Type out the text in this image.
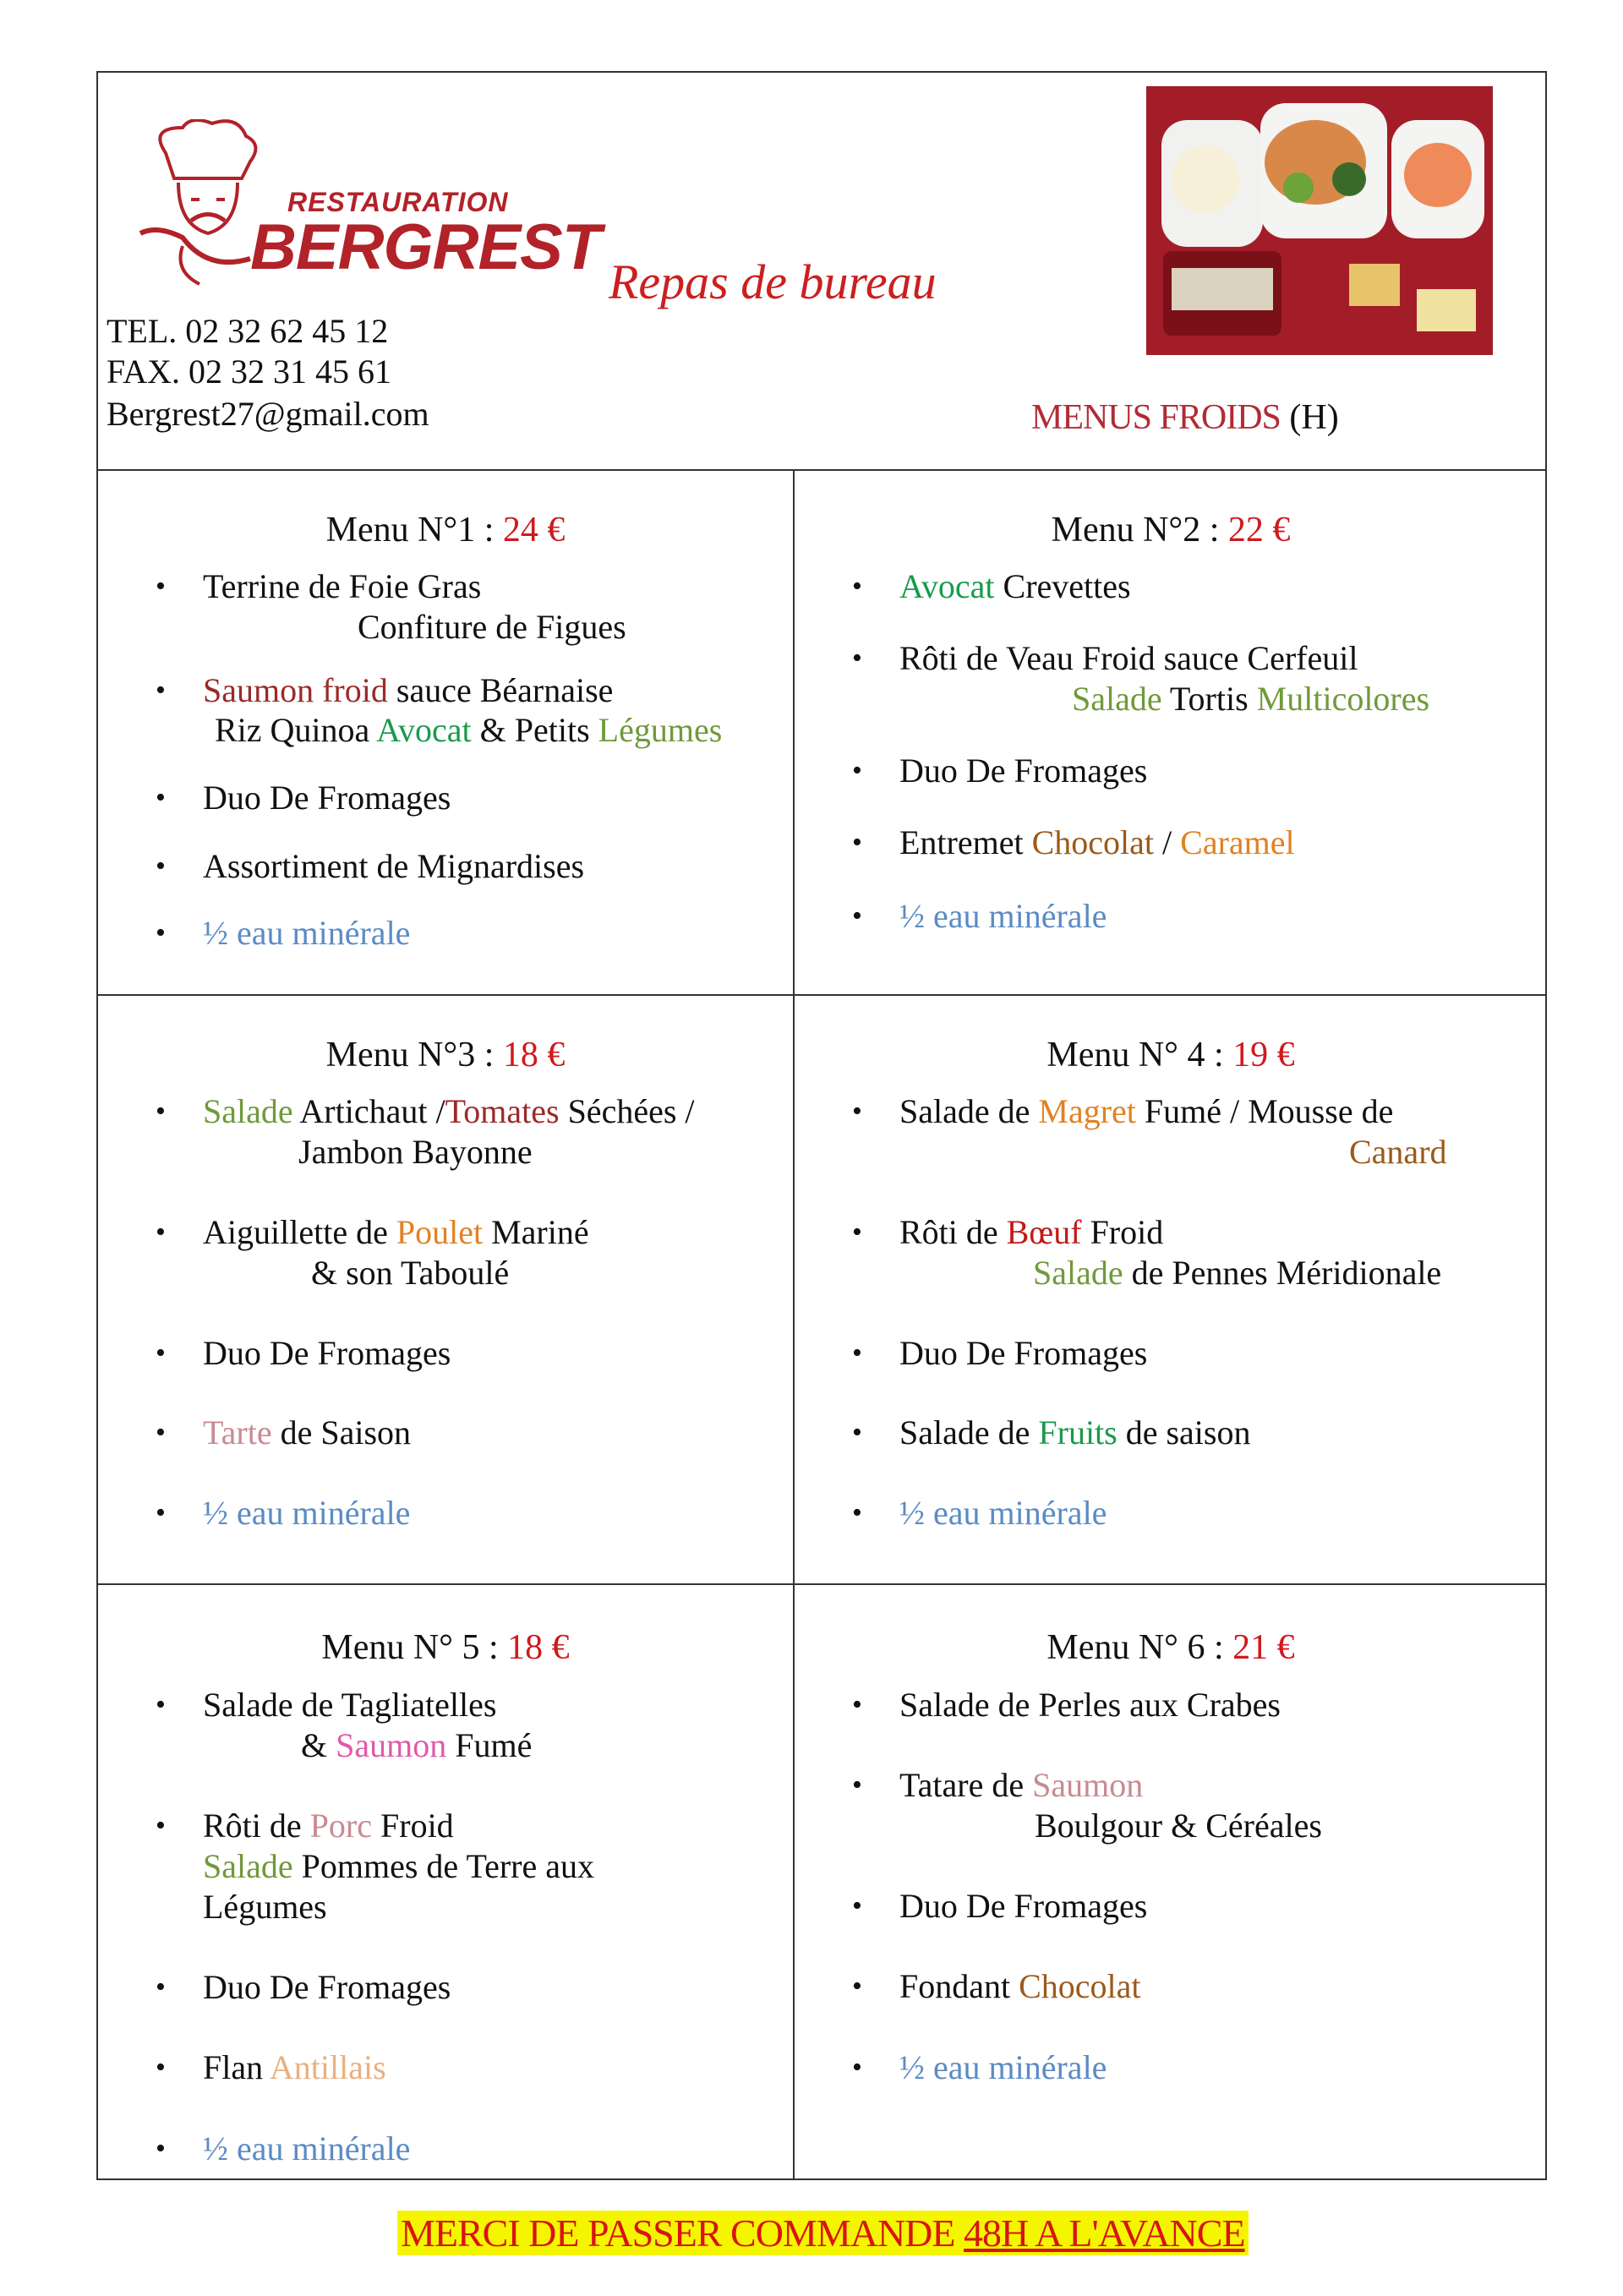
RESTAURATION
BERGREST
TEL. 02 32 62 45 12
FAX. 02 32 31 45 61
Bergrest27@gmail.com
Repas de bureau
MENUS FROIDS (H)
Menu N°1 : 24 €
• Terrine de Foie Gras
Confiture de Figues
• Saumon froid sauce Béarnaise
Riz Quinoa Avocat & Petits Légumes
• Duo De Fromages
• Assortiment de Mignardises
• ½ eau minérale
Menu N°2 : 22 €
• Avocat Crevettes
• Rôti de Veau Froid sauce Cerfeuil
Salade Tortis Multicolores
• Duo De Fromages
• Entremet Chocolat / Caramel
• ½ eau minérale
Menu N°3 : 18 €
• Salade Artichaut /Tomates Séchées /
Jambon Bayonne
• Aiguillette de Poulet Mariné
& son Taboulé
• Duo De Fromages
• Tarte de Saison
• ½ eau minérale
Menu N° 4 : 19 €
• Salade de Magret Fumé / Mousse de
Canard
• Rôti de Bœuf Froid
Salade de Pennes Méridionale
• Duo De Fromages
• Salade de Fruits de saison
• ½ eau minérale
Menu N° 5 : 18 €
• Salade de Tagliatelles
& Saumon Fumé
• Rôti de Porc Froid
Salade Pommes de Terre aux
Légumes
• Duo De Fromages
• Flan Antillais
• ½ eau minérale
Menu N° 6 : 21 €
• Salade de Perles aux Crabes
• Tatare de Saumon
Boulgour & Céréales
• Duo De Fromages
• Fondant Chocolat
• ½ eau minérale
MERCI DE PASSER COMMANDE 48H A L'AVANCE
